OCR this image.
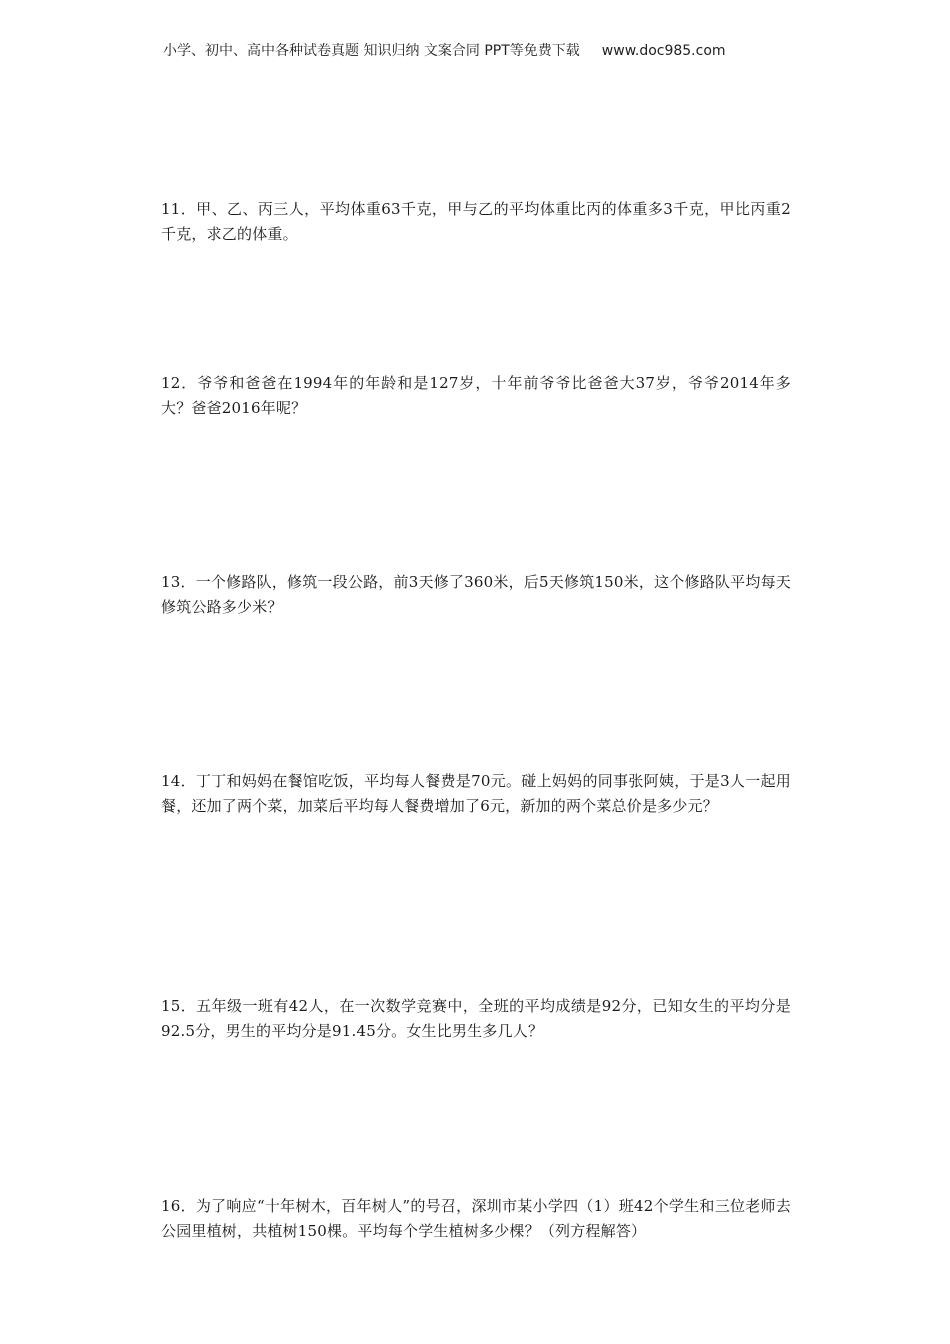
小学、初中、高中各种试卷真题 知识归纳 文案合同 PPT等免费下载 www.doc985.com
11．甲、乙、丙三人，平均体重63千克，甲与乙的平均体重比丙的体重多3千克，甲比丙重2千克，求乙的体重。
12．爷爷和爸爸在1994年的年龄和是127岁，十年前爷爷比爸爸大37岁，爷爷2014年多大？爸爸2016年呢？
13．一个修路队，修筑一段公路，前3天修了360米，后5天修筑150米，这个修路队平均每天修筑公路多少米？
14．丁丁和妈妈在餐馆吃饭，平均每人餐费是70元。碰上妈妈的同事张阿姨，于是3人一起用餐，还加了两个菜，加菜后平均每人餐费增加了6元，新加的两个菜总价是多少元？
15．五年级一班有42人，在一次数学竞赛中，全班的平均成绩是92分，已知女生的平均分是92.5分，男生的平均分是91.45分。女生比男生多几人？
16．为了响应“十年树木，百年树人”的号召，深圳市某小学四（1）班42个学生和三位老师去公园里植树，共植树150棵。平均每个学生植树多少棵？（列方程解答）
